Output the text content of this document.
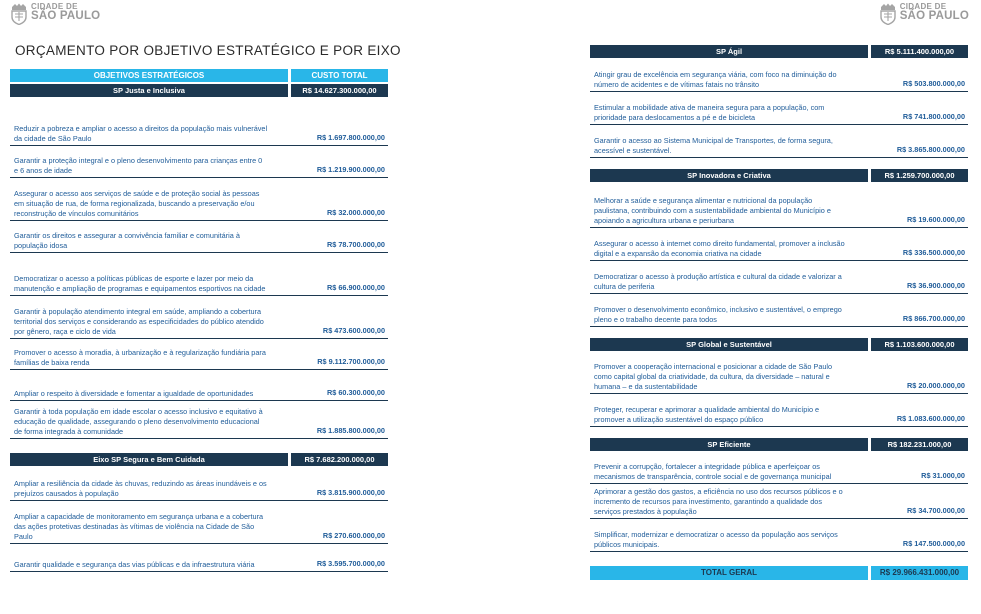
CIDADE DE
SÃO PAULO
CIDADE DE
SÃO PAULO
ORÇAMENTO POR OBJETIVO ESTRATÉGICO E POR EIXO
OBJETIVOS ESTRATÉGICOS	CUSTO TOTAL
SP Justa e Inclusiva	R$ 14.627.300.000,00
Reduzir a pobreza e ampliar o acesso a direitos da população mais vulnerável da cidade de São Paulo	R$ 1.697.800.000,00
Garantir a proteção integral e o pleno desenvolvimento para crianças entre 0 e 6 anos de idade	R$ 1.219.900.000,00
Assegurar o acesso aos serviços de saúde e de proteção social às pessoas em situação de rua, de forma regionalizada, buscando a preservação e/ou reconstrução de vínculos comunitários	R$ 32.000.000,00
Garantir os direitos e assegurar a convivência familiar e comunitária à população idosa	R$ 78.700.000,00
Democratizar o acesso a políticas públicas de esporte e lazer por meio da manutenção e ampliação de programas e equipamentos esportivos na cidade	R$ 66.900.000,00
Garantir à população atendimento integral em saúde, ampliando a cobertura territorial dos serviços e considerando as especificidades do público atendido por gênero, raça e ciclo de vida	R$ 473.600.000,00
Promover o acesso à moradia, à urbanização e à regularização fundiária para famílias de baixa renda	R$ 9.112.700.000,00
Ampliar o respeito à diversidade e fomentar a igualdade de oportunidades	R$ 60.300.000,00
Garantir à toda população em idade escolar o acesso inclusivo e equitativo à educação de qualidade, assegurando o pleno desenvolvimento educacional de forma integrada à comunidade	R$ 1.885.800.000,00
Eixo SP Segura e Bem Cuidada	R$ 7.682.200.000,00
Ampliar a resiliência da cidade às chuvas, reduzindo as áreas inundáveis e os prejuízos causados à população	R$ 3.815.900.000,00
Ampliar a capacidade de monitoramento em segurança urbana e a cobertura das ações protetivas destinadas às vítimas de violência na Cidade de São Paulo	R$ 270.600.000,00
Garantir qualidade e segurança das vias públicas e da infraestrutura viária	R$ 3.595.700.000,00
SP Ágil	R$ 5.111.400.000,00
Atingir grau de excelência em segurança viária, com foco na diminuição do número de acidentes e de vítimas fatais no trânsito	R$ 503.800.000,00
Estimular a mobilidade ativa de maneira segura para a população, com prioridade para deslocamentos a pé e de bicicleta	R$ 741.800.000,00
Garantir o acesso ao Sistema Municipal de Transportes, de forma segura, acessível e sustentável.	R$ 3.865.800.000,00
SP Inovadora e Criativa	R$ 1.259.700.000,00
Melhorar a saúde e segurança alimentar e nutricional da população paulistana, contribuindo com a sustentabilidade ambiental do Município e apoiando a agricultura urbana e periurbana	R$ 19.600.000,00
Assegurar o acesso à internet como direito fundamental, promover a inclusão digital e a expansão da economia criativa na cidade	R$ 336.500.000,00
Democratizar o acesso à produção artística e cultural da cidade e valorizar a cultura de periferia	R$ 36.900.000,00
Promover o desenvolvimento econômico, inclusivo e sustentável, o emprego pleno e o trabalho decente para todos	R$ 866.700.000,00
SP Global e Sustentável	R$ 1.103.600.000,00
Promover a cooperação internacional e posicionar a cidade de São Paulo como capital global da criatividade, da cultura, da diversidade – natural e humana – e da sustentabilidade	R$ 20.000.000,00
Proteger, recuperar e aprimorar a qualidade ambiental do Município e promover a utilização sustentável do espaço público	R$ 1.083.600.000,00
SP Eficiente	R$ 182.231.000,00
Prevenir a corrupção, fortalecer a integridade pública e aperfeiçoar os mecanismos de transparência, controle social e de governança municipal	R$ 31.000,00
Aprimorar a gestão dos gastos, a eficiência no uso dos recursos públicos e o incremento de recursos para investimento, garantindo a qualidade dos serviços prestados à população	R$ 34.700.000,00
Simplificar, modernizar e democratizar o acesso da população aos serviços públicos municipais.	R$ 147.500.000,00
TOTAL GERAL	R$ 29.966.431.000,00
